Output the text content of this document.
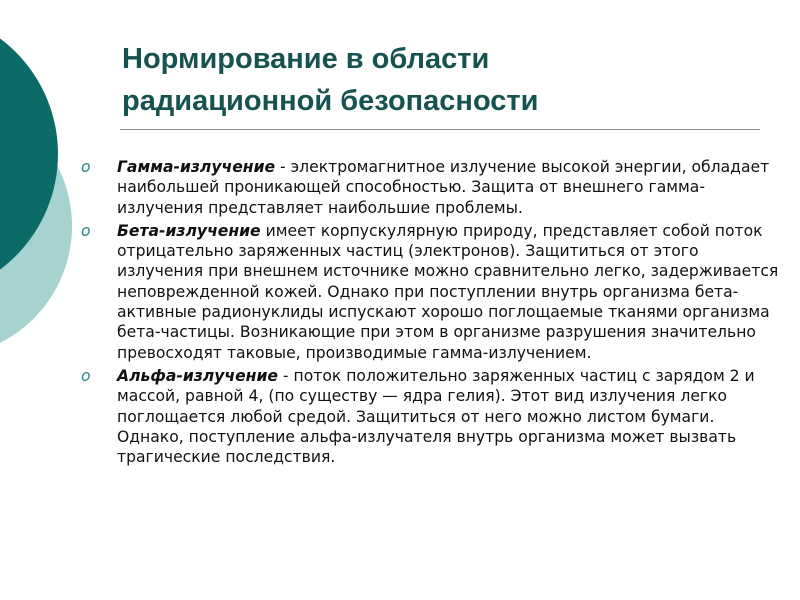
Нормирование в области
радиационной безопасности
o Гамма-излучение - электромагнитное излучение высокой энергии, обладает наибольшей проникающей способностью. Защита от внешнего гамма-излучения представляет наибольшие проблемы.
o Бета-излучение имеет корпускулярную природу, представляет собой поток отрицательно заряженных частиц (электронов). Защититься от этого излучения при внешнем источнике можно сравнительно легко, задерживается неповрежденной кожей. Однако при поступлении внутрь организма бета-активные радионуклиды испускают хорошо поглощаемые тканями организма бета-частицы. Возникающие при этом в организме разрушения значительно превосходят таковые, производимые гамма-излучением.
o Альфа-излучение - поток положительно заряженных частиц с зарядом 2 и массой, равной 4, (по существу — ядра гелия). Этот вид излучения легко поглощается любой средой. Защититься от него можно листом бумаги. Однако, поступление альфа-излучателя внутрь организма может вызвать трагические последствия.
